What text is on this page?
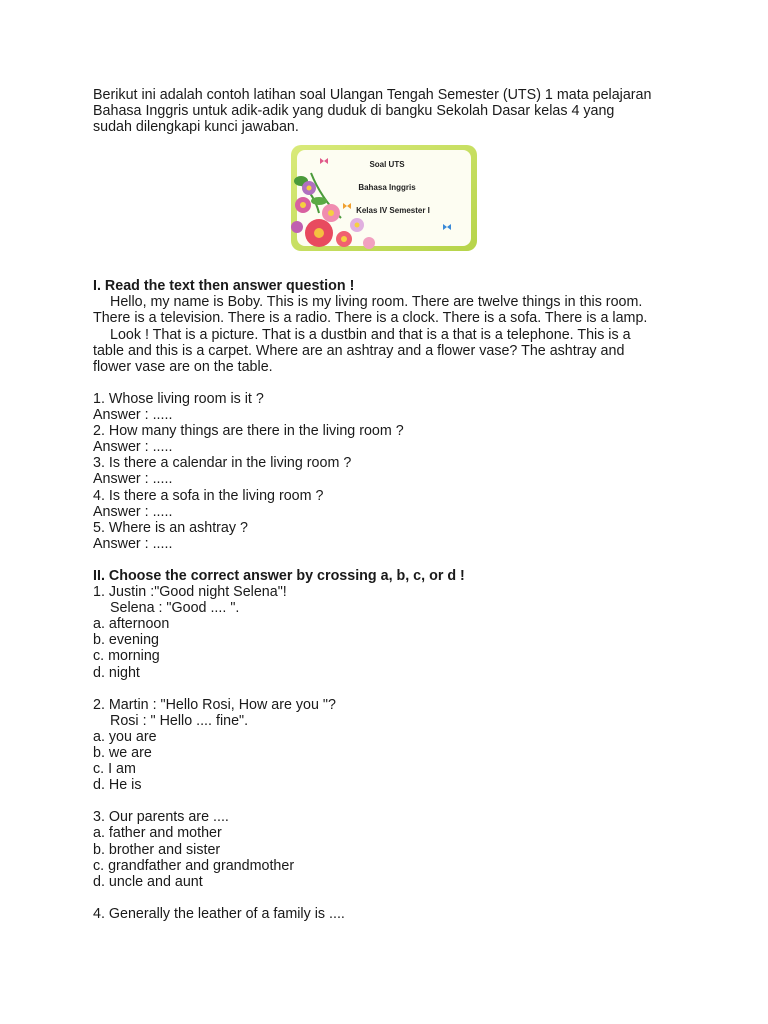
Berikut ini adalah contoh latihan soal Ulangan Tengah Semester (UTS) 1 mata pelajaran
Bahasa Inggris untuk adik-adik yang duduk di bangku Sekolah Dasar kelas 4 yang
sudah dilengkapi kunci jawaban.

Soal UTS
Bahasa Inggris
Kelas IV Semester I

I. Read the text then answer question !

Hello, my name is Boby. This is my living room. There are twelve things in this room.
There is a television. There is a radio. There is a clock. There is a sofa. There is a lamp.
Look ! That is a picture. That is a dustbin and that is a that is a telephone. This is a
table and this is a carpet. Where are an ashtray and a flower vase? The ashtray and
flower vase are on the table.

1. Whose living room is it ?
Answer : .....
2. How many things are there in the living room ?
Answer : .....
3. Is there a calendar in the living room ?
Answer : .....
4. Is there a sofa in the living room ?
Answer : .....
5. Where is an ashtray ?
Answer : .....

II. Choose the correct answer by crossing a, b, c, or d !

1. Justin :"Good night Selena"!
Selena : "Good .... ".
a. afternoon
b. evening
c. morning
d. night
2. Martin : "Hello Rosi, How are you "?
Rosi : " Hello .... fine".
a. you are
b. we are
c. I am
d. He is
3. Our parents are ....
a. father and mother
b. brother and sister
c. grandfather and grandmother
d. uncle and aunt
4. Generally the leather of a family is ....
